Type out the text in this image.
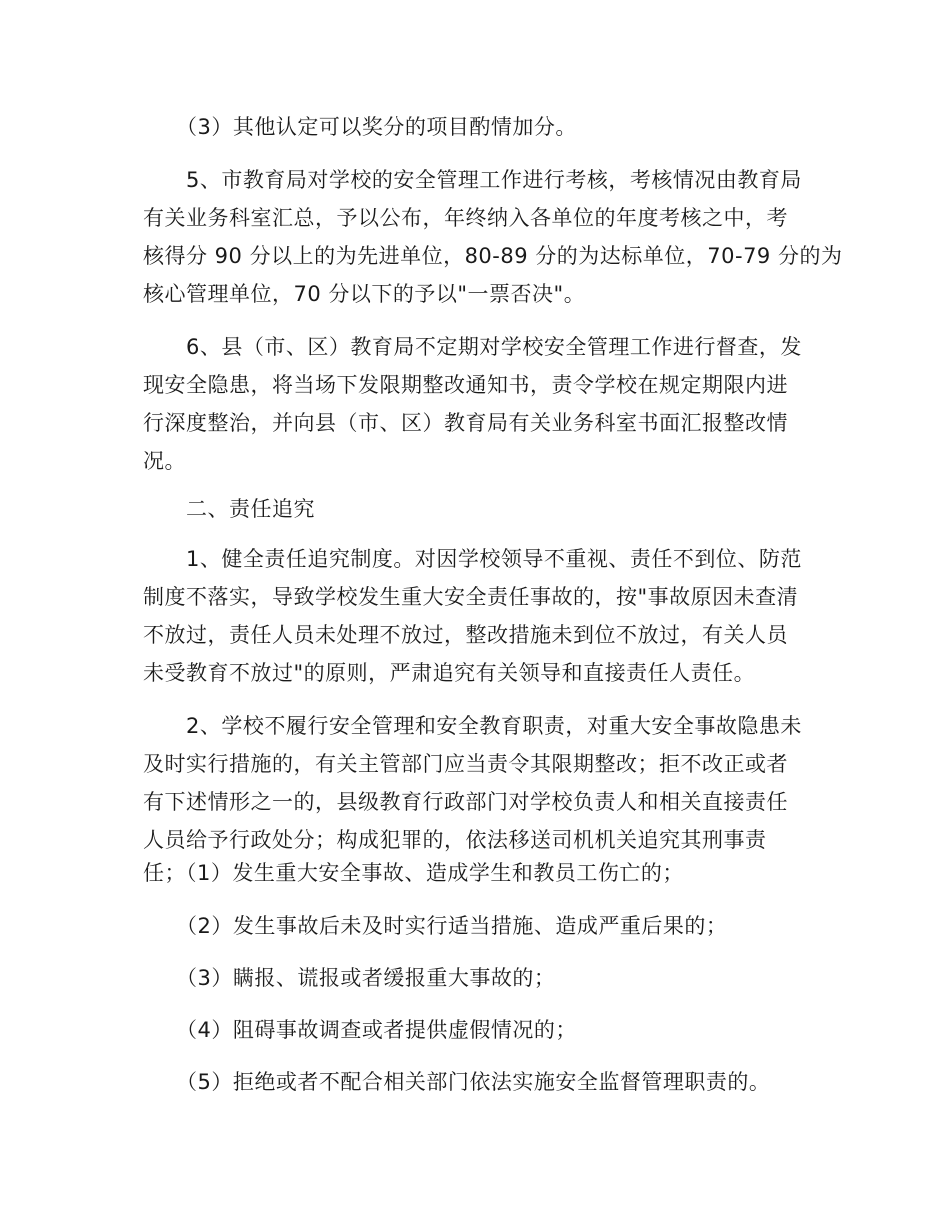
（3）其他认定可以奖分的项目酌情加分。
5、市教育局对学校的安全管理工作进行考核，考核情况由教育局
有关业务科室汇总，予以公布，年终纳入各单位的年度考核之中，考
核得分 90 分以上的为先进单位，80-89 分的为达标单位，70-79 分的为
核心管理单位，70 分以下的予以"一票否决"。
6、县（市、区）教育局不定期对学校安全管理工作进行督查，发
现安全隐患，将当场下发限期整改通知书，责令学校在规定期限内进
行深度整治，并向县（市、区）教育局有关业务科室书面汇报整改情
况。
二、责任追究
1、健全责任追究制度。对因学校领导不重视、责任不到位、防范
制度不落实，导致学校发生重大安全责任事故的，按"事故原因未查清
不放过，责任人员未处理不放过，整改措施未到位不放过，有关人员
未受教育不放过"的原则，严肃追究有关领导和直接责任人责任。
2、学校不履行安全管理和安全教育职责，对重大安全事故隐患未
及时实行措施的，有关主管部门应当责令其限期整改；拒不改正或者
有下述情形之一的，县级教育行政部门对学校负责人和相关直接责任
人员给予行政处分；构成犯罪的，依法移送司机机关追究其刑事责
任；（1）发生重大安全事故、造成学生和教员工伤亡的；
（2）发生事故后未及时实行适当措施、造成严重后果的；
（3）瞒报、谎报或者缓报重大事故的；
（4）阻碍事故调查或者提供虚假情况的；
（5）拒绝或者不配合相关部门依法实施安全监督管理职责的。
